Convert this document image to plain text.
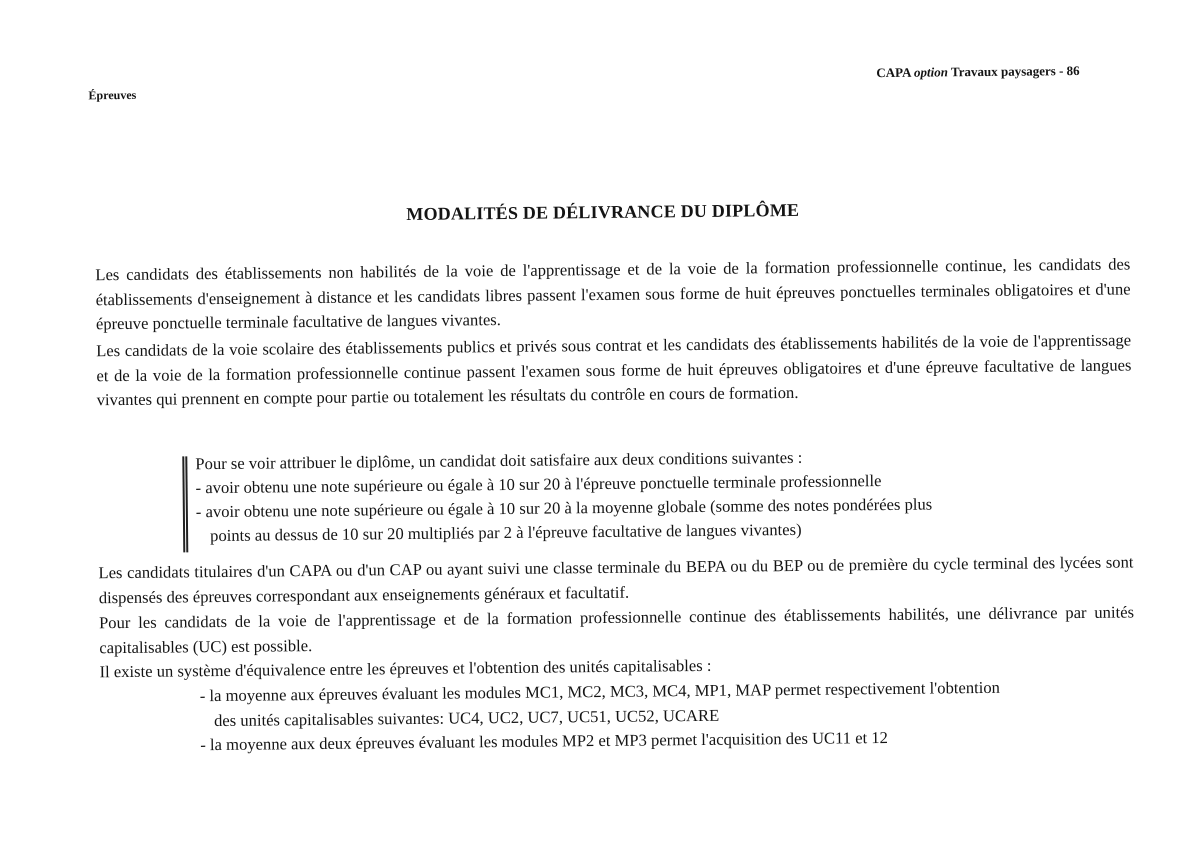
Épreuves
CAPA option Travaux paysagers - 86
MODALITÉS DE DÉLIVRANCE DU DIPLÔME
Les candidats des établissements non habilités de la voie de l'apprentissage et de la voie de la formation professionnelle continue, les candidats des établissements d'enseignement à distance et les candidats libres passent l'examen sous forme de huit épreuves ponctuelles terminales obligatoires et d'une épreuve ponctuelle terminale facultative de langues vivantes.
Les candidats de la voie scolaire des établissements publics et privés sous contrat et les candidats des établissements habilités de la voie de l'apprentissage et de la voie de la formation professionnelle continue passent l'examen sous forme de huit épreuves obligatoires et d'une épreuve facultative de langues vivantes qui prennent en compte pour partie ou totalement les résultats du contrôle en cours de formation.
Pour se voir attribuer le diplôme, un candidat doit satisfaire aux deux conditions suivantes :
- avoir obtenu une note supérieure ou égale à 10 sur 20 à l'épreuve ponctuelle terminale professionnelle
- avoir obtenu une note supérieure ou égale à 10 sur 20 à la moyenne globale (somme des notes pondérées plus
points au dessus de 10 sur 20 multipliés par 2 à l'épreuve facultative de langues vivantes)
Les candidats titulaires d'un CAPA ou d'un CAP ou ayant suivi une classe terminale du BEPA ou du BEP ou de première du cycle terminal des lycées sont dispensés des épreuves correspondant aux enseignements généraux et facultatif.
Pour les candidats de la voie de l'apprentissage et de la formation professionnelle continue des établissements habilités, une délivrance par unités capitalisables (UC) est possible.
Il existe un système d'équivalence entre les épreuves et l'obtention des unités capitalisables :
- la moyenne aux épreuves évaluant les modules MC1, MC2, MC3, MC4, MP1, MAP permet respectivement l'obtention
des unités capitalisables suivantes: UC4, UC2, UC7, UC51, UC52, UCARE
- la moyenne aux deux épreuves évaluant les modules MP2 et MP3 permet l'acquisition des UC11 et 12
